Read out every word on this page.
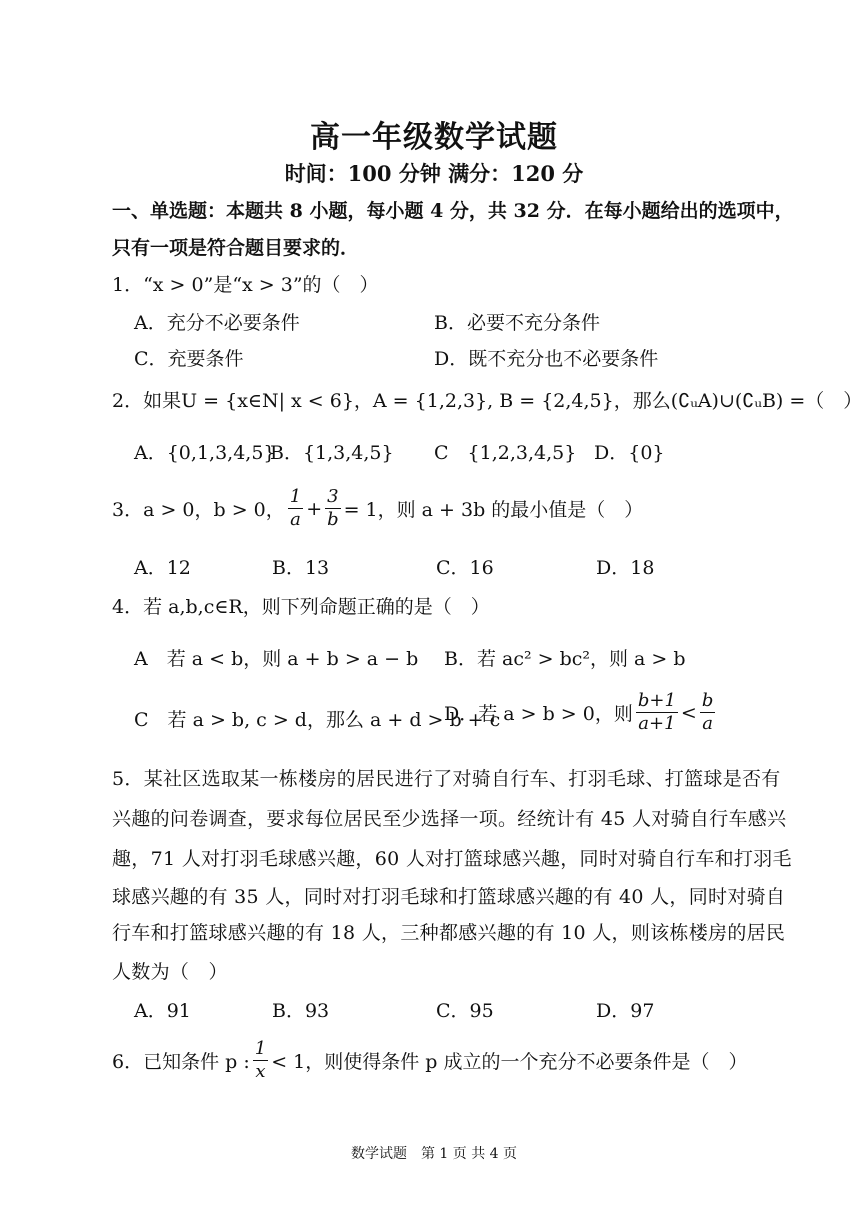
高一年级数学试题
时间：100 分钟 满分：120 分
一、单选题：本题共 8 小题，每小题 4 分，共 32 分．在每小题给出的选项中，
只有一项是符合题目要求的．
1．“x > 0”是“x > 3”的（　）
A．充分不必要条件	B．必要不充分条件
C．充要条件	D．既不充分也不必要条件
2．如果U = {x∈N| x < 6}，A = {1,2,3}, B = {2,4,5}，那么(∁ᵤA)∪(∁ᵤB) =（　）
A．{0,1,3,4,5}
B．{1,3,4,5} C　{1,2,3,4,5} D．{0}
3．a > 0，b > 0， $\frac{1}{a} + \frac{3}{b} = 1$，则 a + 3b 的最小值是（　）
A．12	B．13	C．16	D．18
4．若 a,b,c∈R，则下列命题正确的是（　）
A　若 a < b，则 a + b > a − b B．若 ac² > bc²，则 a > b
C　若 a > b, c > d，那么 a + d > b + c
D．若 a > b > 0，则 $\frac{b+1}{a+1} < \frac{b}{a}$
5．某社区选取某一栋楼房的居民进行了对骑自行车、打羽毛球、打篮球是否有
兴趣的问卷调查，要求每位居民至少选择一项。经统计有 45 人对骑自行车感兴
趣，71 人对打羽毛球感兴趣，60 人对打篮球感兴趣，同时对骑自行车和打羽毛
球感兴趣的有 35 人，同时对打羽毛球和打篮球感兴趣的有 40 人，同时对骑自
行车和打篮球感兴趣的有 18 人，三种都感兴趣的有 10 人，则该栋楼房的居民
人数为（　）
A．91	B．93	C．95	D．97
6．已知条件 p : $\frac{1}{x} < 1$，则使得条件 p 成立的一个充分不必要条件是（　）
数学试题　第 1 页 共 4 页
